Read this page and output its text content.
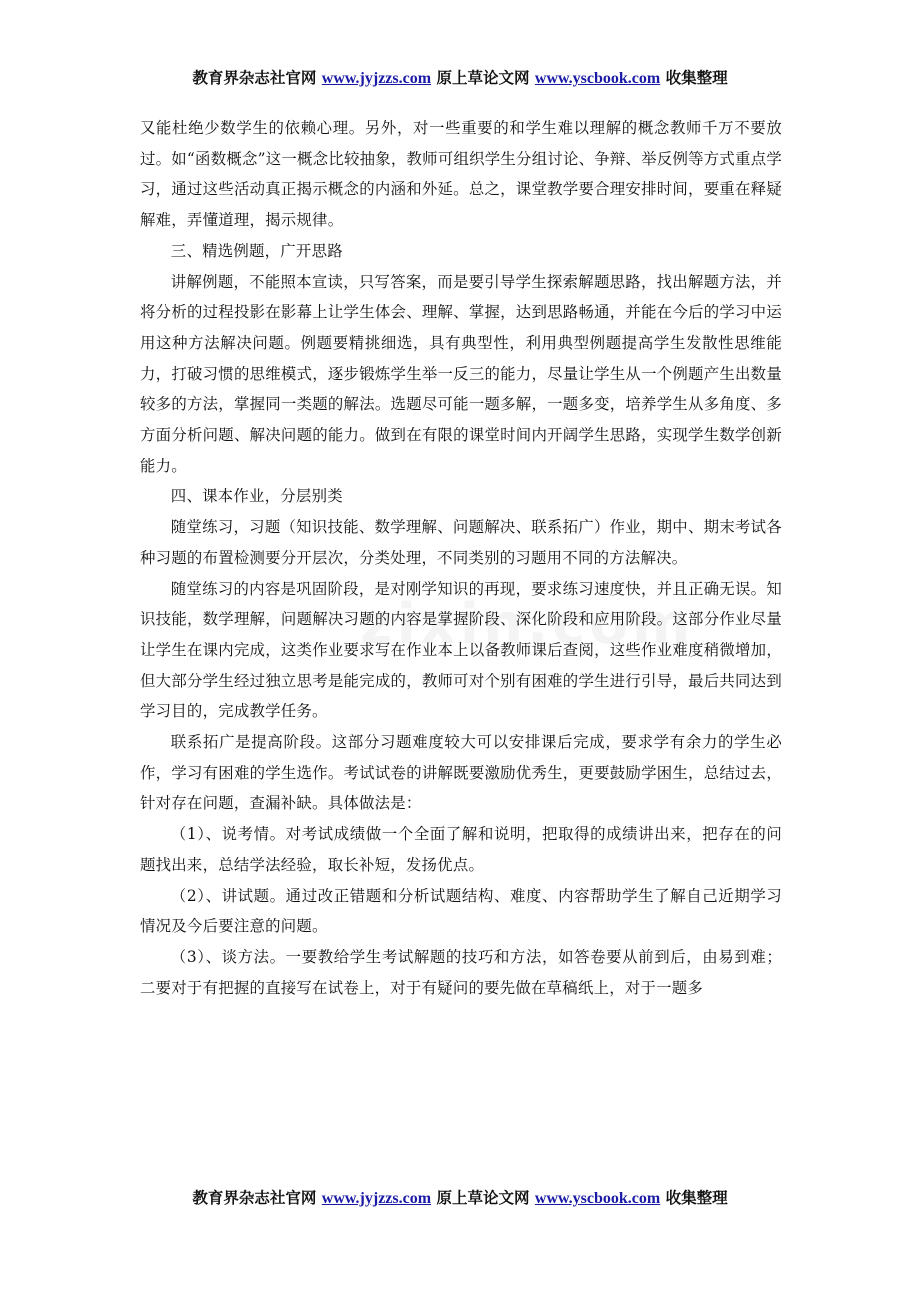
教育界杂志社官网 www.jyjzzs.com 原上草论文网 www.yscbook.com 收集整理

又能杜绝少数学生的依赖心理。另外，对一些重要的和学生难以理解的概念教师千万不要放过。如“函数概念”这一概念比较抽象，教师可组织学生分组讨论、争辩、举反例等方式重点学习，通过这些活动真正揭示概念的内涵和外延。总之，课堂教学要合理安排时间，要重在释疑解难，弄懂道理，揭示规律。

三、精选例题，广开思路

讲解例题，不能照本宣读，只写答案，而是要引导学生探索解题思路，找出解题方法，并将分析的过程投影在影幕上让学生体会、理解、掌握，达到思路畅通，并能在今后的学习中运用这种方法解决问题。例题要精挑细选，具有典型性，利用典型例题提高学生发散性思维能力，打破习惯的思维模式，逐步锻炼学生举一反三的能力，尽量让学生从一个例题产生出数量较多的方法，掌握同一类题的解法。选题尽可能一题多解，一题多变，培养学生从多角度、多方面分析问题、解决问题的能力。做到在有限的课堂时间内开阔学生思路，实现学生数学创新能力。

四、课本作业，分层别类

随堂练习，习题（知识技能、数学理解、问题解决、联系拓广）作业，期中、期末考试各种习题的布置检测要分开层次，分类处理，不同类别的习题用不同的方法解决。

随堂练习的内容是巩固阶段，是对刚学知识的再现，要求练习速度快，并且正确无误。知识技能，数学理解，问题解决习题的内容是掌握阶段、深化阶段和应用阶段。这部分作业尽量让学生在课内完成，这类作业要求写在作业本上以备教师课后查阅，这些作业难度稍微增加，但大部分学生经过独立思考是能完成的，教师可对个别有困难的学生进行引导，最后共同达到学习目的，完成教学任务。

联系拓广是提高阶段。这部分习题难度较大可以安排课后完成，要求学有余力的学生必作，学习有困难的学生选作。考试试卷的讲解既要激励优秀生，更要鼓励学困生，总结过去，针对存在问题，查漏补缺。具体做法是：

（1）、说考情。对考试成绩做一个全面了解和说明，把取得的成绩讲出来，把存在的问题找出来，总结学法经验，取长补短，发扬优点。

（2）、讲试题。通过改正错题和分析试题结构、难度、内容帮助学生了解自己近期学习情况及今后要注意的问题。

（3）、谈方法。一要教给学生考试解题的技巧和方法，如答卷要从前到后，由易到难；二要对于有把握的直接写在试卷上，对于有疑问的要先做在草稿纸上，对于一题多

教育界杂志社官网 www.jyjzzs.com 原上草论文网 www.yscbook.com 收集整理
